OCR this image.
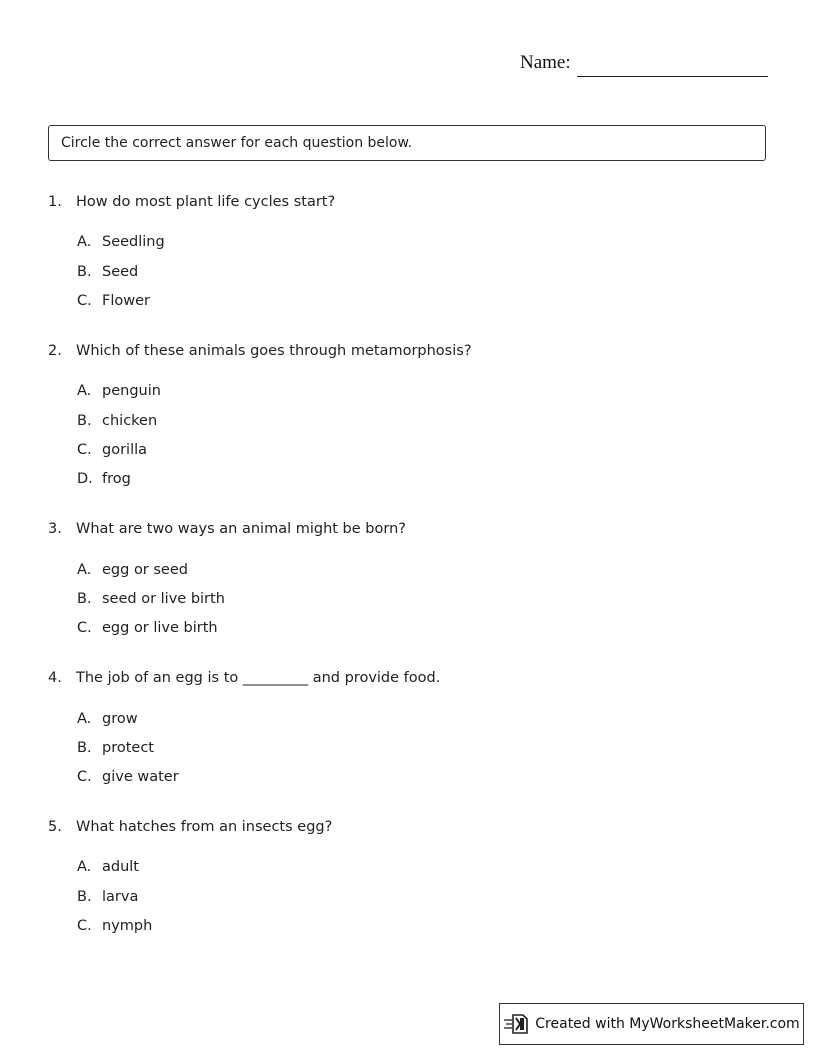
Name:
Circle the correct answer for each question below.
1. How do most plant life cycles start?
A. Seedling
B. Seed
C. Flower
2. Which of these animals goes through metamorphosis?
A. penguin
B. chicken
C. gorilla
D. frog
3. What are two ways an animal might be born?
A. egg or seed
B. seed or live birth
C. egg or live birth
4. The job of an egg is to _________ and provide food.
A. grow
B. protect
C. give water
5. What hatches from an insects egg?
A. adult
B. larva
C. nymph
Created with MyWorksheetMaker.com
